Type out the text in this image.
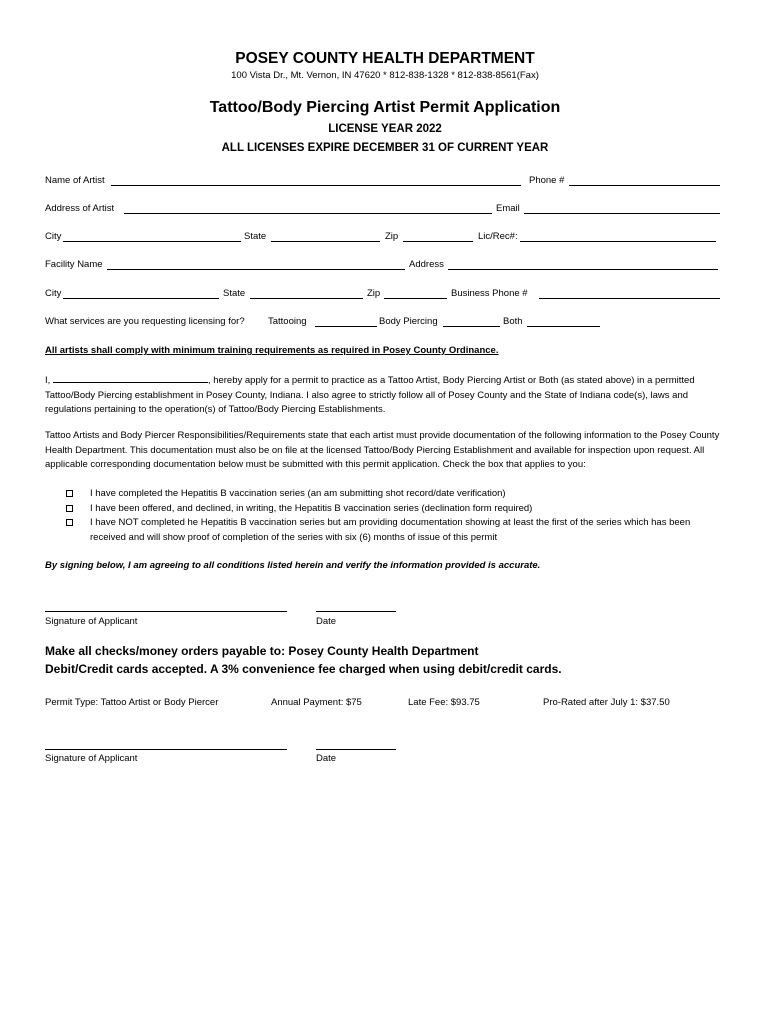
POSEY COUNTY HEALTH DEPARTMENT
100 Vista Dr., Mt. Vernon, IN 47620 * 812-838-1328 * 812-838-8561(Fax)
Tattoo/Body Piercing Artist Permit Application
LICENSE YEAR 2022
ALL LICENSES EXPIRE DECEMBER 31 OF CURRENT YEAR
Name of Artist	Phone #
Address of Artist	Email
City	State	Zip	Lic/Rec#:
Facility Name	Address
City	State	Zip	Business Phone #
What services are you requesting licensing for? Tattooing	Body Piercing	Both
All artists shall comply with minimum training requirements as required in Posey County Ordinance.
I,	, hereby apply for a permit to practice as a Tattoo Artist, Body Piercing Artist or Both (as stated above) in a permitted Tattoo/Body Piercing establishment in Posey County, Indiana. I also agree to strictly follow all of Posey County and the State of Indiana code(s), laws and regulations pertaining to the operation(s) of Tattoo/Body Piercing Establishments.
Tattoo Artists and Body Piercer Responsibilities/Requirements state that each artist must provide documentation of the following information to the Posey County Health Department. This documentation must also be on file at the licensed Tattoo/Body Piercing Establishment and available for inspection upon request. All applicable corresponding documentation below must be submitted with this permit application. Check the box that applies to you:
I have completed the Hepatitis B vaccination series (an am submitting shot record/date verification)
I have been offered, and declined, in writing, the Hepatitis B vaccination series (declination form required)
I have NOT completed he Hepatitis B vaccination series but am providing documentation showing at least the first of the series which has been received and will show proof of completion of the series with six (6) months of issue of this permit
By signing below, I am agreeing to all conditions listed herein and verify the information provided is accurate.
Signature of Applicant	Date
Make all checks/money orders payable to: Posey County Health Department
Debit/Credit cards accepted. A 3% convenience fee charged when using debit/credit cards.
Permit Type: Tattoo Artist or Body Piercer	Annual Payment: $75	Late Fee: $93.75	Pro-Rated after July 1: $37.50
Signature of Applicant	Date
